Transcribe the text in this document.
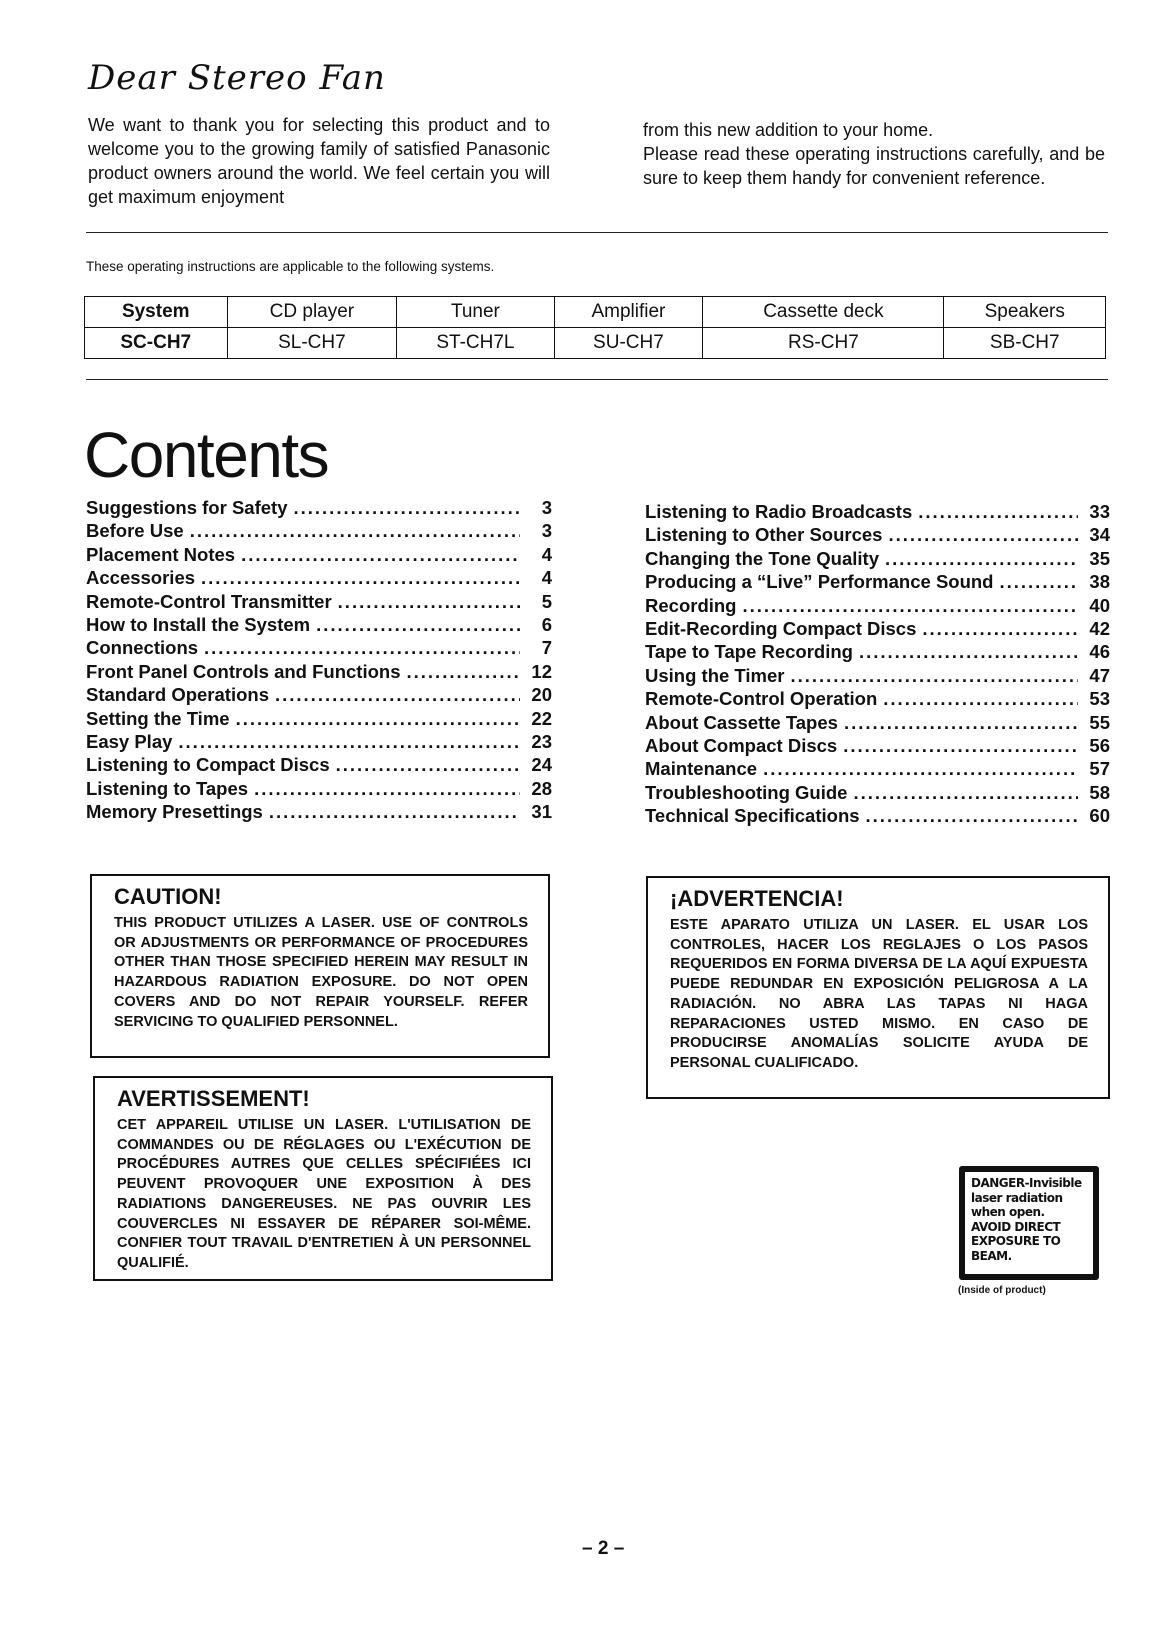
Dear Stereo Fan

We want to thank you for selecting this product and to welcome you to the growing family of satisfied Panasonic product owners around the world. We feel certain you will get maximum enjoyment

from this new addition to your home.

Please read these operating instructions carefully, and be sure to keep them handy for convenient reference.

These operating instructions are applicable to the following systems.
System	CD player	Tuner	Amplifier	Cassette deck	Speakers
SC-CH7	SL-CH7	ST-CH7L	SU-CH7	RS-CH7	SB-CH7
Contents
Suggestions for Safety .....	3
Before Use .....	3
Placement Notes .....	4
Accessories .....	4
Remote-Control Transmitter .....	5
How to Install the System .....	6
Connections .....	7
Front Panel Controls and Functions .....	12
Standard Operations .....	20
Setting the Time .....	22
Easy Play .....	23
Listening to Compact Discs .....	24
Listening to Tapes .....	28
Memory Presettings .....	31
Listening to Radio Broadcasts .....	33
Listening to Other Sources .....	34
Changing the Tone Quality .....	35
Producing a “Live” Performance Sound .....	38
Recording .....	40
Edit-Recording Compact Discs .....	42
Tape to Tape Recording .....	46
Using the Timer .....	47
Remote-Control Operation .....	53
About Cassette Tapes .....	55
About Compact Discs .....	56
Maintenance .....	57
Troubleshooting Guide .....	58
Technical Specifications .....	60
CAUTION!
THIS PRODUCT UTILIZES A LASER. USE OF CONTROLS OR ADJUSTMENTS OR PERFORMANCE OF PROCEDURES OTHER THAN THOSE SPECIFIED HEREIN MAY RESULT IN HAZARDOUS RADIATION EXPOSURE. DO NOT OPEN COVERS AND DO NOT REPAIR YOURSELF. REFER SERVICING TO QUALIFIED PERSONNEL.
AVERTISSEMENT!
CET APPAREIL UTILISE UN LASER. L'UTILISATION DE COMMANDES OU DE RÉGLAGES OU L'EXÉCUTION DE PROCÉDURES AUTRES QUE CELLES SPÉCIFIÉES ICI PEUVENT PROVOQUER UNE EXPOSITION À DES RADIATIONS DANGEREUSES. NE PAS OUVRIR LES COUVERCLES NI ESSAYER DE RÉPARER SOI-MÊME. CONFIER TOUT TRAVAIL D'ENTRETIEN À UN PERSONNEL QUALIFIÉ.
¡ADVERTENCIA!
ESTE APARATO UTILIZA UN LASER. EL USAR LOS CONTROLES, HACER LOS REGLAJES O LOS PASOS REQUERIDOS EN FORMA DIVERSA DE LA AQUÍ EXPUESTA PUEDE REDUNDAR EN EXPOSICIÓN PELIGROSA A LA RADIACIÓN. NO ABRA LAS TAPAS NI HAGA REPARACIONES USTED MISMO. EN CASO DE PRODUCIRSE ANOMALÍAS SOLICITE AYUDA DE PERSONAL CUALIFICADO.
DANGER-Invisible laser radiation when open. AVOID DIRECT EXPOSURE TO BEAM.
(Inside of product)
– 2 –
